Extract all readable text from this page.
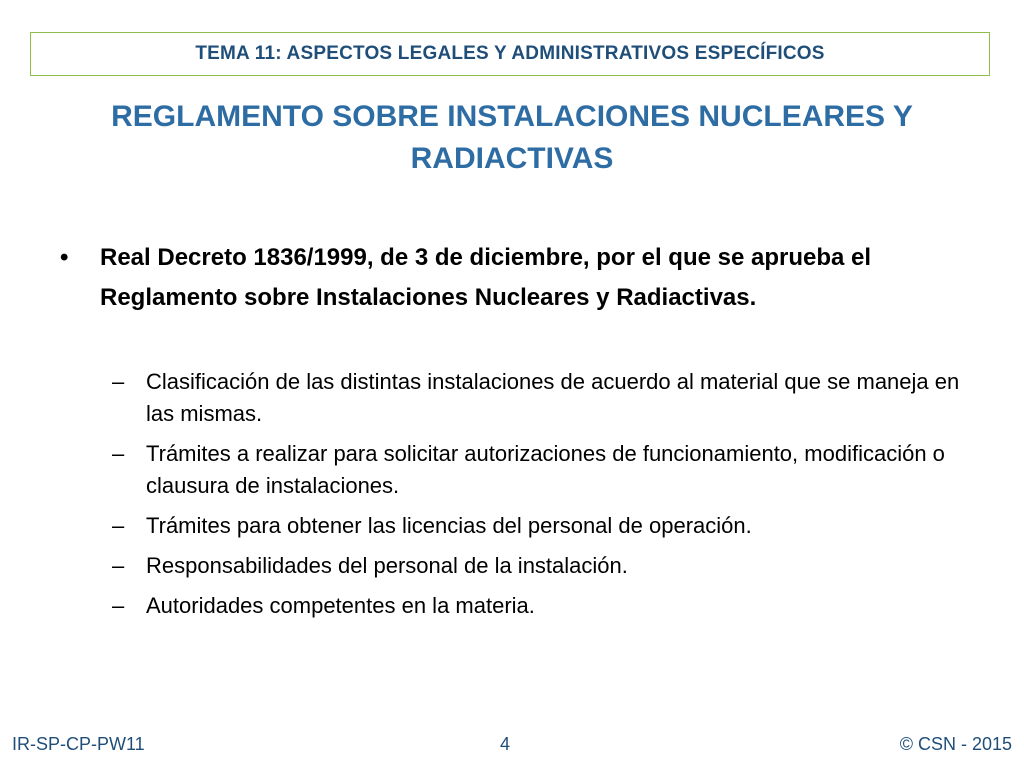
TEMA 11: ASPECTOS LEGALES Y ADMINISTRATIVOS ESPECÍFICOS
REGLAMENTO SOBRE INSTALACIONES NUCLEARES Y RADIACTIVAS
•	Real Decreto 1836/1999, de 3 de diciembre, por el que se aprueba el Reglamento sobre Instalaciones Nucleares y Radiactivas.
– Clasificación de las distintas instalaciones de acuerdo al material que se maneja en las mismas.
– Trámites a realizar para solicitar autorizaciones de funcionamiento, modificación o clausura de instalaciones.
– Trámites para obtener las licencias del personal de operación.
– Responsabilidades del personal de la instalación.
– Autoridades competentes en la materia.
IR-SP-CP-PW11	4	© CSN - 2015
